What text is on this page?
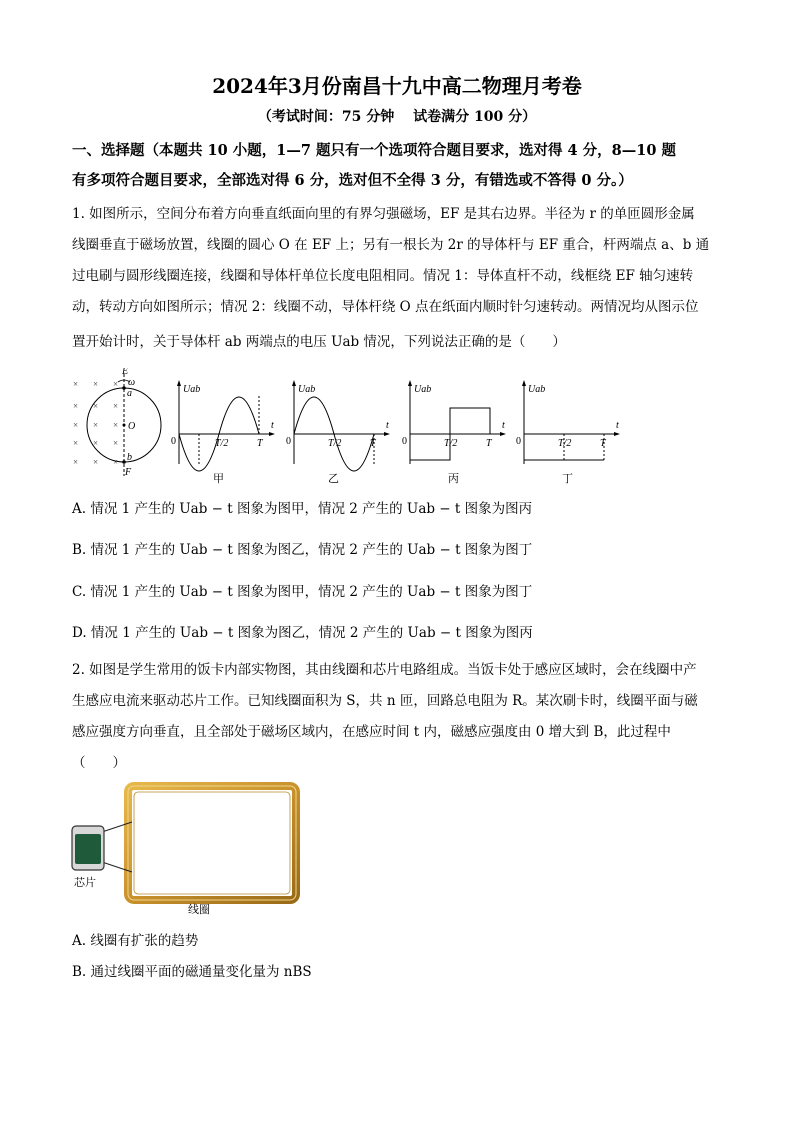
2024年3月份南昌十九中高二物理月考卷
（考试时间：75 分钟　 试卷满分 100 分）
一、选择题（本题共 10 小题，1—7 题只有一个选项符合题目要求，选对得 4 分，8—10 题
有多项符合题目要求，全部选对得 6 分，选对但不全得 3 分，有错选或不答得 0 分。）
1. 如图所示，空间分布着方向垂直纸面向里的有界匀强磁场，EF 是其右边界。半径为 r 的单匝圆形金属
线圈垂直于磁场放置，线圈的圆心 O 在 EF 上；另有一根长为 2r 的导体杆与 EF 重合，杆两端点 a、b 通
过电刷与圆形线圈连接，线圈和导体杆单位长度电阻相同。情况 1：导体直杆不动，线框绕 EF 轴匀速转
动，转动方向如图所示；情况 2：线圈不动，导体杆绕 O 点在纸面内顺时针匀速转动。两情况均从图示位
置开始计时，关于导体杆 ab 两端点的电压 Uab 情况，下列说法正确的是（　　）
× × ×
× × ×
× × ×
× × ×
× × ×
E
ω
a
O
b
F
Uab
t
0	T/2	T
甲
Uab
t
0	T/2	T
乙
Uab
t
0	T/2	T
丙
Uab
t
0	T/2	T
丁
A. 情况 1 产生的 Uab − t 图象为图甲，情况 2 产生的 Uab − t 图象为图丙
B. 情况 1 产生的 Uab − t 图象为图乙，情况 2 产生的 Uab − t 图象为图丁
C. 情况 1 产生的 Uab − t 图象为图甲，情况 2 产生的 Uab − t 图象为图丁
D. 情况 1 产生的 Uab − t 图象为图乙，情况 2 产生的 Uab − t 图象为图丙
2. 如图是学生常用的饭卡内部实物图，其由线圈和芯片电路组成。当饭卡处于感应区域时，会在线圈中产
生感应电流来驱动芯片工作。已知线圈面积为 S，共 n 匝，回路总电阻为 R。某次刷卡时，线圈平面与磁
感应强度方向垂直，且全部处于磁场区域内，在感应时间 t 内，磁感应强度由 0 增大到 B，此过程中
（　　）
芯片
线圈
A. 线圈有扩张的趋势
B. 通过线圈平面的磁通量变化量为 nBS
